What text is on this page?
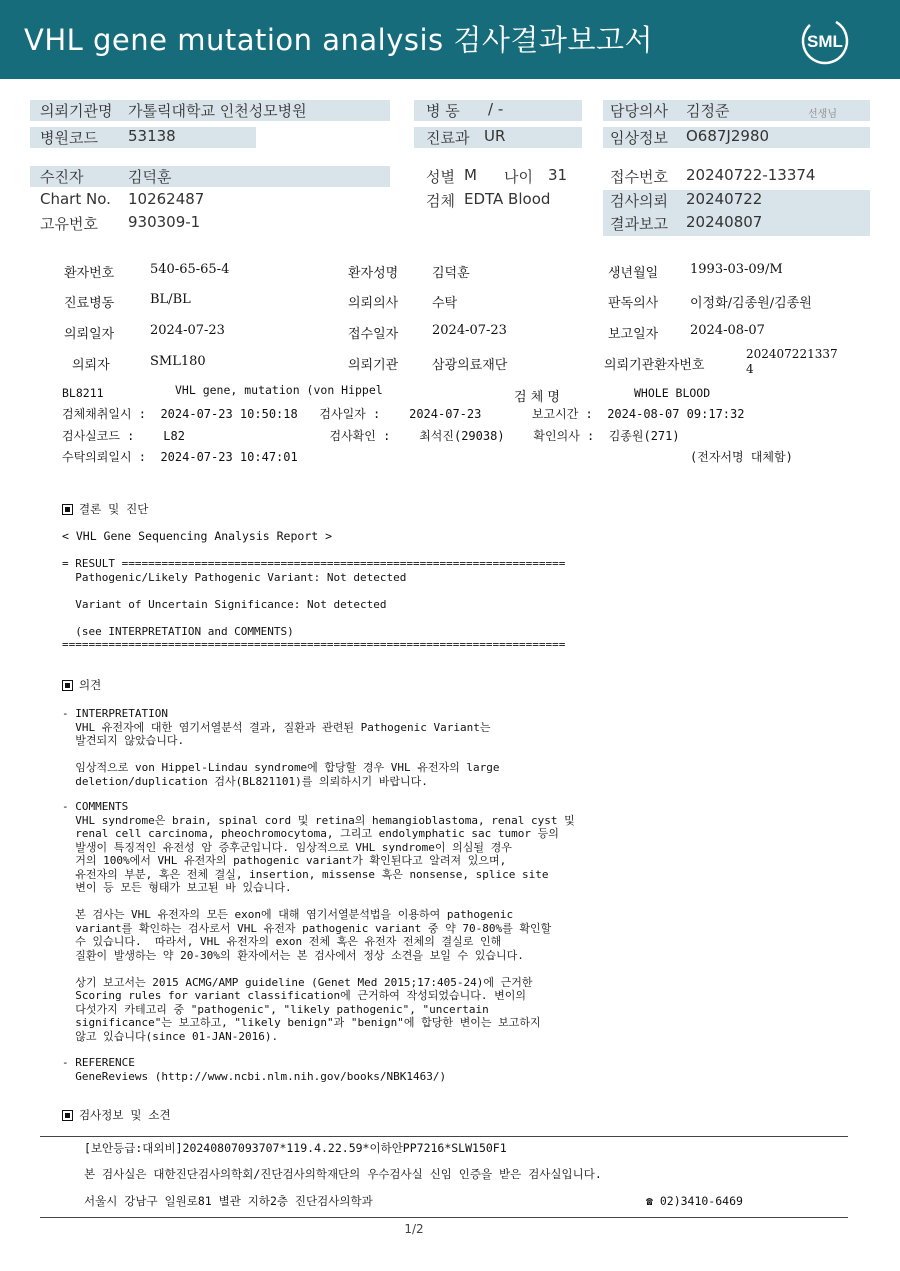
VHL gene mutation analysis 검사결과보고서	SML
의뢰기관명 가톨릭대학교 인천성모병원	병 동 / -	담당의사 김정준	선생님
병원코드 53138	진료과 UR	임상정보 O687J2980
수진자	김덕훈	성별 M 나이 31	접수번호 20240722-13374
Chart No. 10262487	검체 EDTA Blood	검사의뢰 20240722
고유번호 930309-1	결과보고 20240807
환자번호	540-65-65-4	환자성명	김덕훈	생년월일 1993-03-09/M
진료병동	BL/BL	의뢰의사	수탁	판독의사 이정화/김종원/김종원
의뢰일자	2024-07-23	접수일자	2024-07-23	보고일자 2024-08-07
의뢰자	SML180	의뢰기관	삼광의료재단	의뢰기관환자번호
202407221337
4
BL8211	VHL gene, mutation (von Hippel	검 체 명	WHOLE BLOOD
검체채취일시 :  2024-07-23 10:50:18   검사일자 :    2024-07-23       보고시간 :  2024-08-07 09:17:32
검사실코드 :    L82                    검사확인 :    최석진(29038)    확인의사 :  김종원(271)
수탁의뢰일시 :  2024-07-23 10:47:01	(전자서명 대체함)
결론 및 진단
< VHL Gene Sequencing Analysis Report >
= RESULT ===================================================================
Pathogenic/Likely Pathogenic Variant: Not detected

Variant of Uncertain Significance: Not detected

(see INTERPRETATION and COMMENTS)
============================================================================
의견
- INTERPRETATION
VHL 유전자에 대한 염기서열분석 결과, 질환과 관련된 Pathogenic Variant는
발견되지 않았습니다.

임상적으로 von Hippel-Lindau syndrome에 합당할 경우 VHL 유전자의 large
deletion/duplication 검사(BL821101)를 의뢰하시기 바랍니다.
- COMMENTS
VHL syndrome은 brain, spinal cord 및 retina의 hemangioblastoma, renal cyst 및
renal cell carcinoma, pheochromocytoma, 그리고 endolymphatic sac tumor 등의
발생이 특징적인 유전성 암 증후군입니다. 임상적으로 VHL syndrome이 의심될 경우
거의 100%에서 VHL 유전자의 pathogenic variant가 확인된다고 알려져 있으며,
유전자의 부분, 혹은 전체 결실, insertion, missense 혹은 nonsense, splice site
변이 등 모든 형태가 보고된 바 있습니다.

본 검사는 VHL 유전자의 모든 exon에 대해 염기서열분석법을 이용하여 pathogenic
variant를 확인하는 검사로서 VHL 유전자 pathogenic variant 중 약 70-80%를 확인할
수 있습니다.  따라서, VHL 유전자의 exon 전체 혹은 유전자 전체의 결실로 인해
질환이 발생하는 약 20-30%의 환자에서는 본 검사에서 정상 소견을 보일 수 있습니다.

상기 보고서는 2015 ACMG/AMP guideline (Genet Med 2015;17:405-24)에 근거한
Scoring rules for variant classification에 근거하여 작성되었습니다. 변이의
다섯가지 카테고리 중 "pathogenic", "likely pathogenic", "uncertain
significance"는 보고하고, "likely benign"과 "benign"에 합당한 변이는 보고하지
않고 있습니다(since 01-JAN-2016).
- REFERENCE
GeneReviews (http://www.ncbi.nlm.nih.gov/books/NBK1463/)
검사정보 및 소견
[보안등급:대외비]20240807093707*119.4.22.59*이하안PP7216*SLW150F1
본 검사실은 대한진단검사의학회/진단검사의학재단의 우수검사실 신임 인증을 받은 검사실입니다.
서울시 강남구 일원로81 별관 지하2층 진단검사의학과	☎ 02)3410-6469
1/2
